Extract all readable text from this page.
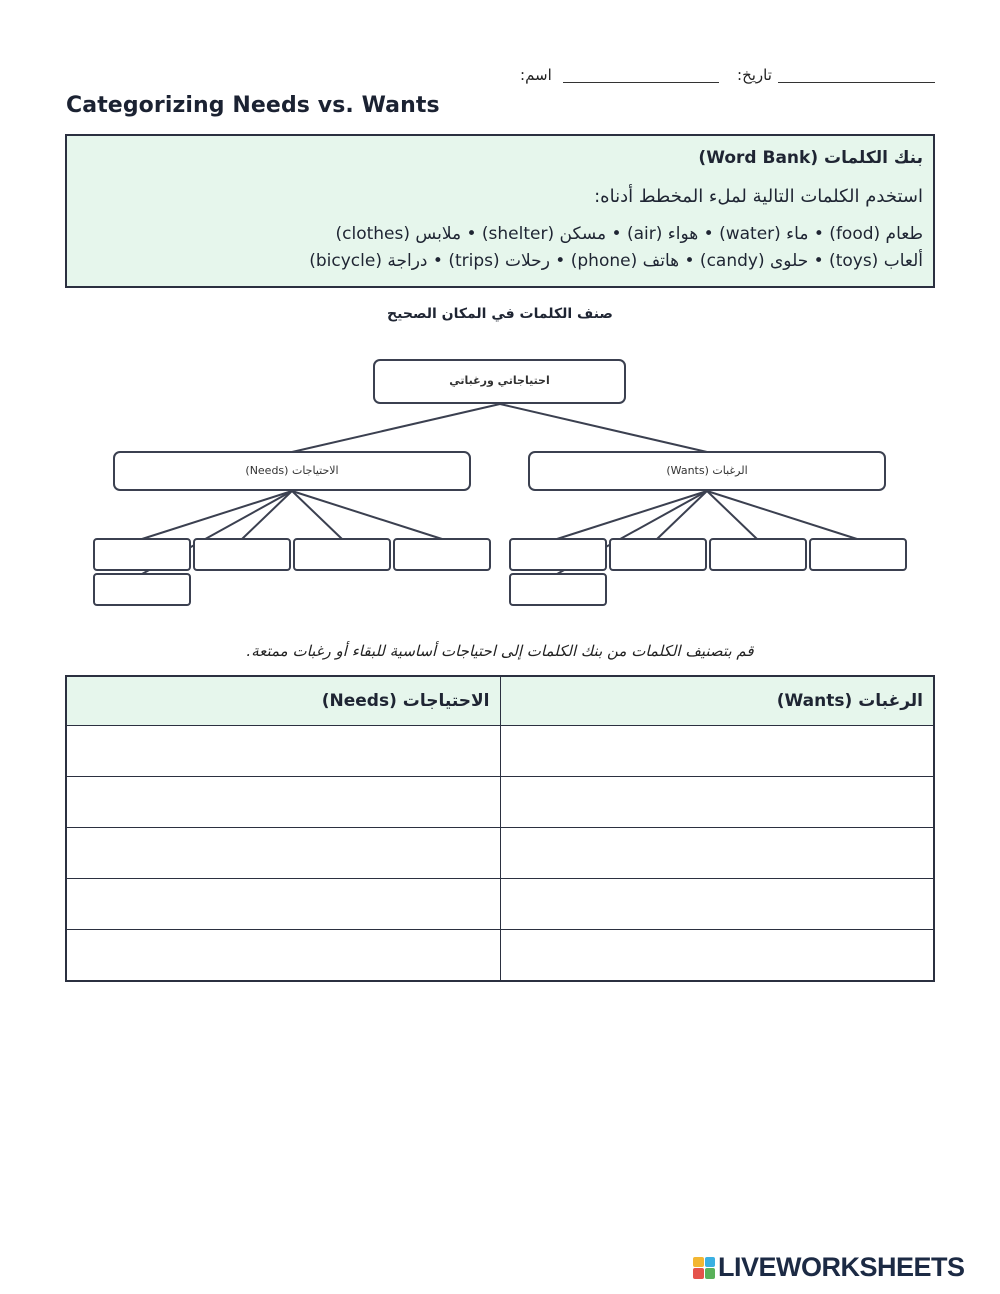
:تاريخ
:اسم
Categorizing Needs vs. Wants
بنك الكلمات (Word Bank)
استخدم الكلمات التالية لملء المخطط أدناه:
طعام (food) • ماء (water) • هواء (air) • مسكن (shelter) • ملابس (clothes)
ألعاب (toys) • حلوى (candy) • هاتف (phone) • رحلات (trips) • دراجة (bicycle)
صنف الكلمات في المكان الصحيح
احتياجاتي ورغباتي
الاحتياجات (Needs)	الرغبات (Wants)
قم بتصنيف الكلمات من بنك الكلمات إلى احتياجات أساسية للبقاء أو رغبات ممتعة.
الاحتياجات (Needs)	الرغبات (Wants)

LIVEWORKSHEETS
